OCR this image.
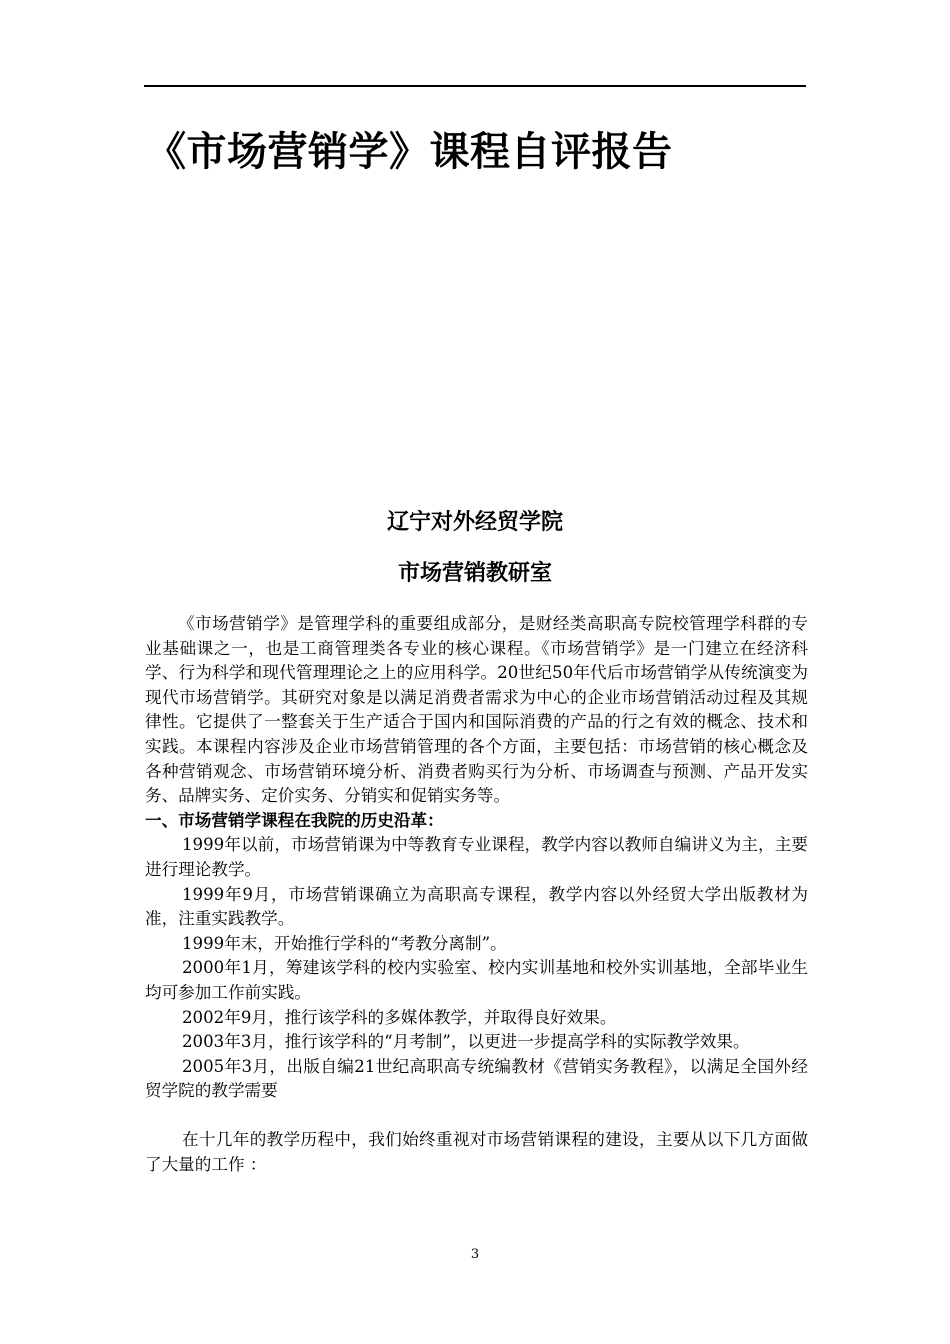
《市场营销学》课程自评报告
辽宁对外经贸学院
市场营销教研室

《市场营销学》是管理学科的重要组成部分，是财经类高职高专院校管理学科群的专业基础课之一，也是工商管理类各专业的核心课程。《市场营销学》是一门建立在经济科学、行为科学和现代管理理论之上的应用科学。20世纪50年代后市场营销学从传统演变为现代市场营销学。其研究对象是以满足消费者需求为中心的企业市场营销活动过程及其规律性。它提供了一整套关于生产适合于国内和国际消费的产品的行之有效的概念、技术和实践。本课程内容涉及企业市场营销管理的各个方面，主要包括：市场营销的核心概念及各种营销观念、市场营销环境分析、消费者购买行为分析、市场调查与预测、产品开发实务、品牌实务、定价实务、分销实和促销实务等。

一、市场营销学课程在我院的历史沿革：

1999年以前，市场营销课为中等教育专业课程，教学内容以教师自编讲义为主，主要进行理论教学。

1999年9月，市场营销课确立为高职高专课程，教学内容以外经贸大学出版教材为准，注重实践教学。

1999年末，开始推行学科的“考教分离制”。

2000年1月，筹建该学科的校内实验室、校内实训基地和校外实训基地，全部毕业生均可参加工作前实践。

2002年9月，推行该学科的多媒体教学，并取得良好效果。

2003年3月，推行该学科的“月考制”，以更进一步提高学科的实际教学效果。

2005年3月，出版自编21世纪高职高专统编教材《营销实务教程》，以满足全国外经贸学院的教学需要

在十几年的教学历程中，我们始终重视对市场营销课程的建设，主要从以下几方面做了大量的工作 ：

3
